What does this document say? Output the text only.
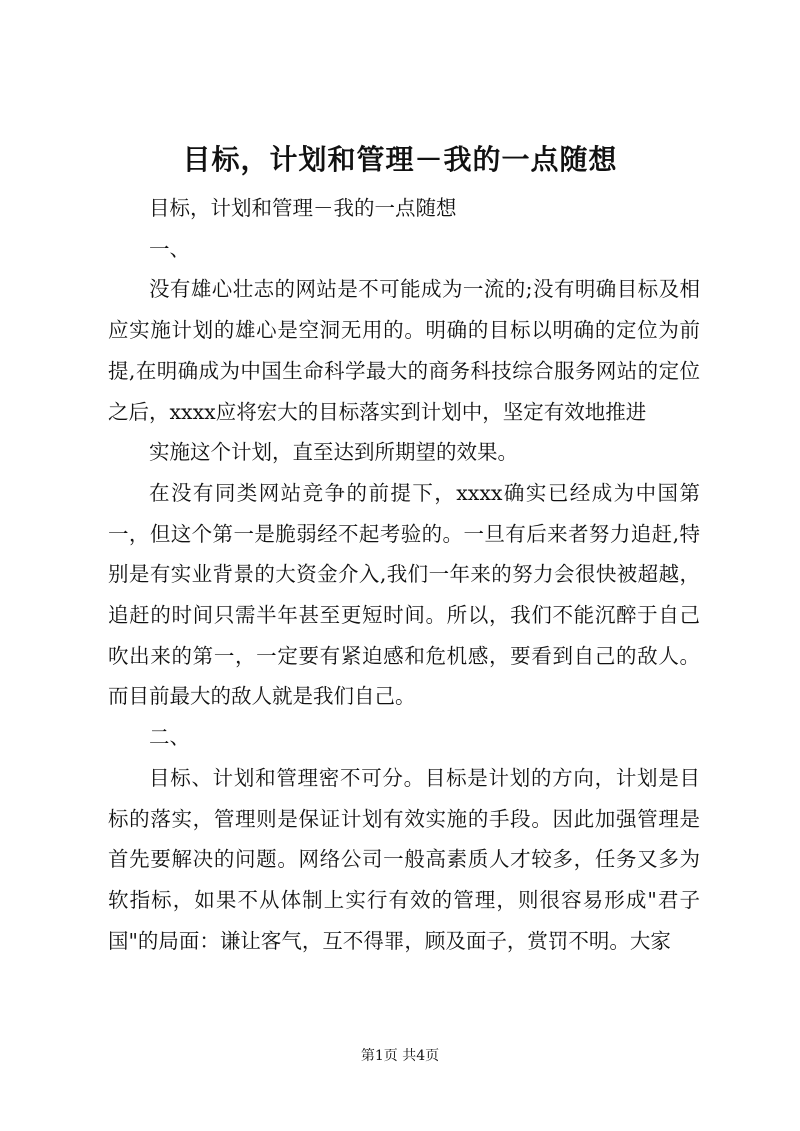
目标，计划和管理－我的一点随想

目标，计划和管理－我的一点随想

一、

没有雄心壮志的网站是不可能成为一流的;没有明确目标及相应实施计划的雄心是空洞无用的。明确的目标以明确的定位为前提,在明确成为中国生命科学最大的商务科技综合服务网站的定位之后，xxxx应将宏大的目标落实到计划中，坚定有效地推进

实施这个计划，直至达到所期望的效果。

在没有同类网站竞争的前提下，xxxx确实已经成为中国第一，但这个第一是脆弱经不起考验的。一旦有后来者努力追赶,特别是有实业背景的大资金介入,我们一年来的努力会很快被超越，追赶的时间只需半年甚至更短时间。所以，我们不能沉醉于自己吹出来的第一，一定要有紧迫感和危机感，要看到自己的敌人。而目前最大的敌人就是我们自己。

二、

目标、计划和管理密不可分。目标是计划的方向，计划是目标的落实，管理则是保证计划有效实施的手段。因此加强管理是首先要解决的问题。网络公司一般高素质人才较多，任务又多为软指标，如果不从体制上实行有效的管理，则很容易形成"君子国"的局面：谦让客气，互不得罪，顾及面子，赏罚不明。大家

第1页 共4页
